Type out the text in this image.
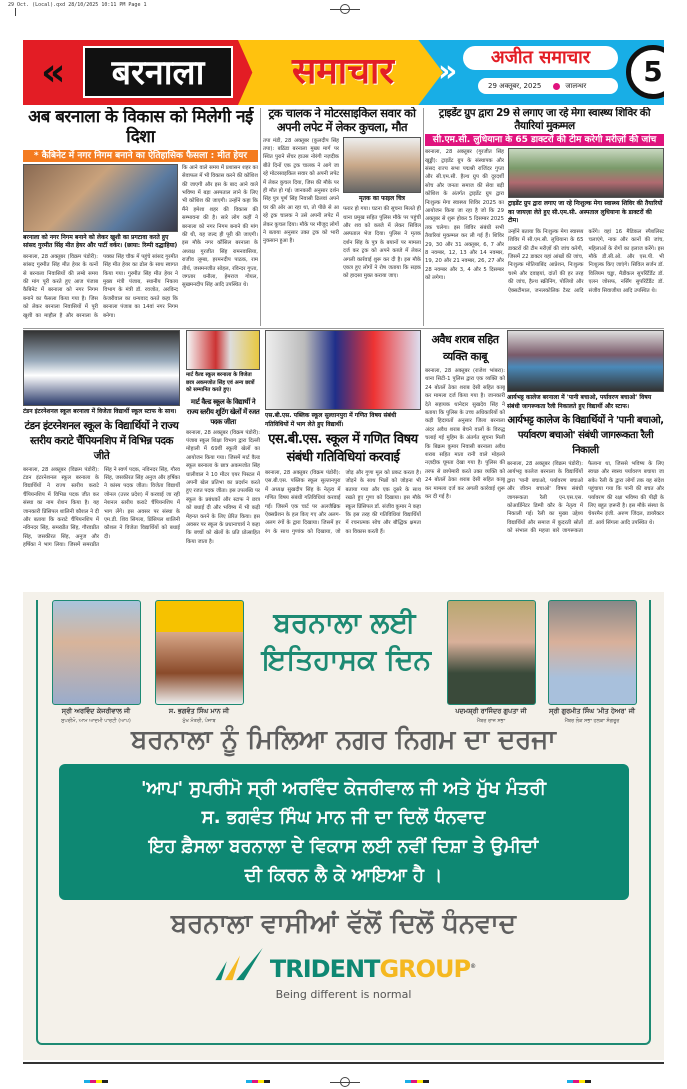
29 Oct. (Local).qxd 28/10/2025 10:11 PM Page 1
«	बरनाला	समाचार	»	अजीत समाचार
29 अक्तूबर, 2025	जालन्धर	5
अब बरनाला के विकास को मिलेगी नई दिशा
* कैबिनेट में नगर निगम बनाने का ऐतिहासिक फैसला : मीत हेयर
बरनाला को नगर निगम बनाने को लेकर खुशी का प्रगटावा करते हुए सांसद गुरमीत सिंह मीत हेयर और पार्टी वर्कर। (छाया: रिम्पी दद्धाहिया)
बरनाला, 28 अक्तूबर (विक्रम पंडोरी): सांसद गुरमीत सिंह मीत हेयर के यत्नों से बरनाला निवासियों की लम्बे समय की मांग पूरी करते हुए आज पंजाब कैबिनेट में बरनाला को नगर निगम बनाने का फैसला किया गया है। जिस को लेकर बरनाला निवासियों में पूरी खुशी का माहौल है और बरनाला के पक्का सिंह चौक में पहुंचे सांसद गुरमीत सिंह मीत हेयर का ढोल के साथ स्वागत किया गया। गुरमीत सिंह मीत हेयर ने मुख्य मंत्री पंजाब, स्थानीय निकाय विभाग के मंत्री डॉ. रवजोत, अरविन्द केजरीवाल का धन्यवाद करते कहा कि बरनाला पंजाब का 14वां नगर निगम बनेगा।
कि आने वाले समय में प्रशासन शहर का सेवाफल में भी विकास करने की कोशिश की जाएगी और इस के बाद आने वाले भविष्य में बड़ा अस्पताल लाने के लिए भी कोशिश की जाएगी। उन्होंने कहा कि मैंने हमेशा शहर की विकास की सम्भावना की है। सारे लोग कहीं ने बरनाला को नगर निगम बनाने की मांग की थी, यह जल्द ही पूरी की जाएगी। इस मौके नगर कौंसिल बरनाला के अध्यक्ष गुरजीत सिंह रामनवासिया, राजीव लूम्बा, हरमनदीप पाठक, राम तीर्थ, जसमनजीत सोहल, रविन्दर गुप्ता, जगतार धनौला, हेमराज गोयल, सुखमनदीप सिंह आदि उपस्थित थे।
ट्रक चालक ने मोटरसाइकिल सवार को अपनी लपेट में लेकर कुचला, मौत
तपा मंडी, 28 अक्तूबर (कुलदीप सिंह तपा): बठिंडा बरनाला मुख्य मार्ग पर स्थित पुराने सेंचर हाउस नोरंगी नज़दीक बीते दिनों एक ट्रक चालक ने आगे जा रहे मोटरसाइकिल सवार को अपनी लपेट में लेकर कुचल दिया, जिस की मौके पर ही मौत हो गई। जानकारी अनुसार दर्शन सिंह पुत्र पूर्ण सिंह निवासी ढिलवां अपने घर की ओर आ रहा था, तो पीछे से आ रहे ट्रक चालक ने उसे अपनी लपेट में लेकर कुचल दिया। मौके पर मौजूद लोगों ने बताया अनुसार उक्त ट्रक को भारी नुकसान हुआ है।
मृतक का फाइल चित्र
फरार हो गया। घटना की सूचना मिलते ही थाना प्रमुख सहित पुलिस मौके पर पहुंची और शव को कब्जे में लेकर सिविल अस्पताल भेज दिया। पुलिस ने मृतक दर्शन सिंह के पुत्र के बयानों पर मामला दर्ज कर ट्रक को अपने कब्जे में लेकर अगली कार्रवाई शुरू कर दी है। इस मौके एकत्र हुए लोगों ने रोष जताया कि सड़क को हादसा मुक्त कराया जाए।
ट्राइडेंट ग्रुप द्वारा 29 से लगाए जा रहे मेगा स्वास्थ्य शिविर की तैयारियां मुकम्मल
सी.एम.सी. लुधियाना के 65 डाक्टरों की टीम करेगी मरीज़ों की जांच
बरनाला, 28 अक्तूबर (गुरजीत सिंह खुड्डी): ट्राइडेंट ग्रुप के संस्थापक और संसद राज्य सभा पद्मश्री राजिंदर गुप्ता और सी.एम.सी. हैल्थ ग्रुप की दूरदर्शी सोच और जनता समाज की सेवा बड़ी कोशिश के अंतर्गत ट्राइडेंट ग्रुप द्वारा निःशुल्क मेगा स्वास्थ्य शिविर 2025 का आयोजन किया जा रहा है जो कि 29 अक्तूबर से शुरू होकर 5 दिसम्बर 2025 तक चलेगा। इस शिविर संबंधी सभी तैयारियां मुकम्मल कर ली गई हैं। शिविर 29, 30 और 31 अक्तूबर, 6, 7 और 8 नवम्बर, 12, 13 और 14 नवम्बर, 19, 20 और 21 नवम्बर, 26, 27 और 28 नवम्बर और 3, 4 और 5 दिसम्बर को लगेगा।
ट्राइडेंट ग्रुप द्वारा लगाए जा रहे निःशुल्क मेगा स्वास्थ्य शिविर की तैयारियों का जायज़ा लेते हुए सी.एम.सी. अस्पताल लुधियाना के डाक्टरों की टीम।
उन्होंने बताया कि निःशुल्क मेगा स्वास्थ्य शिविर में सी.एम.सी. लुधियाना के 65 डाक्टरों की टीम मरीज़ों की जांच करेगी, जिसमें 22 डाक्टर यहां आंखों की जांच, निःशुल्क मोतियाबिंद आप्रेशन, निःशुल्क चश्मे और दवाइयां, दांतों की हर तरह की जांच, हैल्थ स्क्रीनिंग, पोलियो और ऐक्सटीमाल, जनलकोलिक टैस्ट आदि करेंगे। वहां 16 मैडिकल स्पैशलिस्ट चलाएंगे, नाक और कानों की जांच, महिलाओं के रोगों का इलाज करेंगे। इस मौके डी.सी.ओ. और एस.पी. भी निःशुल्क किए जाएंगे। सिविल सर्जन डॉ. विलियम चड्ढा, मैडीकल सुपरिंटैंडैंट डॉ. एलन जोसफ, नर्सिंग सुपरिंटैंडैंट डॉ. संजीव सिवाजीया आदि उपस्थित थे।
टंडन इंटरनेशनल स्कूल बरनाला में विजेता विद्यार्थी स्कूल स्टाफ के साथ।
टंडन इंटरनेशनल स्कूल के विद्यार्थियों ने राज्य स्तरीय कराटे चैंपियनशिप में विभिन्न पदक जीते
बरनाला, 28 अक्तूबर (विक्रम पंडोरी): टंडन इंटरनेशनल स्कूल बरनाला के विद्यार्थियों ने राज्य स्तरीय कराटे चैंपियनशिप में विभिन्न पदक जीत कर संस्था का नाम रोशन किया है। यह जानकारी प्रिंसिपल शालिनी कौशल ने दी और बताया कि कराटे चैंपियनशिप में नविनदर सिंह, समरप्रीत सिंह, गौरवप्रीत सिंह, जसकीरत सिंह, अनुज और हर्षिका ने भाग लिया। जिसमें समरप्रीत सिंह ने स्वर्ण पदक, नविनदर सिंह, गौरव सिंह, जसकीरत सिंह अनुज और हर्षिका ने कांस्य पदक जीता। विजेता विद्यार्थी जोनल (उत्तर प्रदेश) में करवाई जा रही नेशनल स्तरीय कराटे चैंपियनशिप में भाग लेंगे। इस अवसर पर संस्था के एम.डी. शिव सिंगला, प्रिंसिपल शालिनी कौशल ने विजेता विद्यार्थियों को बधाई दी।
मार्ट वैल्ड स्कूल बरनाला के विजेता छात्र अकमजोत सिंह एवं अन्य छात्रों को सम्मानित करते हुए।
मार्ट वैल्ड स्कूल के विद्यार्थी ने राज्य स्तरीय शूटिंग खेलों में रजत पदक जीता
बरनाला, 28 अक्तूबर (विक्रम पंडोरी): पंजाब स्कूल शिक्षा विभाग द्वारा दिल्ली मोहाली में 69वीं स्कूली खेलों का आयोजन किया गया। जिसमें मार्ट वैल्ड स्कूल बरनाला के छात्र अकमजोत सिंह धालीवाल ने 10 मीटर एयर पिस्टल में अपनी खेल प्रतिभा का प्रदर्शन करते हुए रजत पदक जीता। इस उपलब्धि पर स्कूल के प्रबंधकों और स्टाफ ने छात्र को बधाई दी और भविष्य में भी कड़ी मेहनत करने के लिए प्रेरित किया। इस अवसर पर स्कूल के प्रधानाचार्य ने कहा कि बच्चों को खेलों के प्रति प्रोत्साहित किया जाता है।
एस.बी.एस. पब्लिक स्कूल सुल्तानपुरा में गणित विषय संबंधी गतिविधियों में भाग लेते हुए विद्यार्थी।
एस.बी.एस. स्कूल में गणित विषय संबंधी गतिविधियां करवाई
बरनाला, 28 अक्तूबर (विक्रम पंडोरी): एस.बी.एस. पब्लिक स्कूल सुल्तानपुरा में अध्यक्ष सुखदीप सिंह के नेतृत्व में गणित विषय संबंधी गतिविधियां करवाई गईं। जिसमें एक चार्ट पर अलजैब्रिक ऐक्सप्रैशन के हल किए गए और अलग-अलग रंगों के द्वारा दिखाया। जिसमें हर रंग के साथ गुणांक को दिखाया, जो जोड़ और गुणा मूल को प्रकट करता है। जोड़ने के साथ भिन्नों को जोड़ना भी बताया गया और एक दूसरे के साथ रखते हुए गुणा को दिखाया। इस मौके स्कूल प्रिंसिपल डॉ. संजीव कुमार ने कहा कि इस तरह की गतिविधियां विद्यार्थियों में रचनात्मक सोच और बौद्धिक क्षमता का विकास करती हैं।
अवैध शराब सहित व्यक्ति काबू
बरनाला, 28 अक्तूबर (राजेश भांबरा): थाना सिटी-1 पुलिस द्वारा एक व्यक्ति को 24 बोतलें ठेका शराब देसी सहित काबू कर मामला दर्ज किया गया है। जानकारी देते सहायक थानेदार सुखदेव सिंह ने बताया कि पुलिस के उच्च अधिकारियों को कड़ी हिदायतों अनुसार जिला बरनाला अंदर अवैध शराब बेचने वालों के विरुद्ध चलाई गई मुहिम के अंतर्गत सूचना मिली कि बिक्रम कुमार निवासी बरनाला अवैध शराब सहित माता रानी वाले मोहल्ले नज़दीक घूमता देखा गया है। पुलिस की तरफ से छापेमारी करते उक्त व्यक्ति को 24 बोतलें ठेका शराब देसी सहित काबू कर मामला दर्ज कर अगली कार्रवाई शुरू कर दी गई है।
आर्यभट्ट कालेज बरनाला में 'पानी बचाओ, पर्यावरण बचाओ' विषय संबंधी जागरूकता रैली निकालते हुए विद्यार्थी और स्टाफ।
आर्यभट्ट कालेज के विद्यार्थियों ने 'पानी बचाओ, पर्यावरण बचाओ' संबंधी जागरूकता रैली निकाली
बरनाला, 28 अक्तूबर (विक्रम पंडोरी): आर्यभट्ट कालेज बरनाला के विद्यार्थियों द्वारा 'पानी बचाओ, पर्यावरण बचाओ और जीवन बचाओ' विषय संबंधी जागरूकता रैली एन.एस.एस. कोआर्डिनेटर डिम्पी कौर के नेतृत्व में निकाली गई। रैली का मुख्य उद्देश्य विद्यार्थियों और समाज में कुदरती स्रोतों को संभाल की महत्ता बारे जागरूकता फैलाना था, जिससे भविष्य के लिए स्वच्छ और स्वस्थ पर्यावरण बचाया जा सके। रैली के द्वारा लोगों तक यह संदेश पहुंचाया गया कि पानी की बचत और पर्यावरण की रक्षा भविष्य की पीढ़ी के लिए बहुत ज़रूरी है। इस मौके संस्था के चेयरमैन इंजी. अरुण जिंदल, डायरैक्टर डॉ. आर्य सिंगला आदि उपस्थित थे।
ਸ੍ਰੀ ਅਰਵਿੰਦ ਕੇਜਰੀਵਾਲ ਜੀ
ਸੁਪਰੀਮੋ, ਆਮ ਆਦਮੀ ਪਾਰਟੀ (ਆਪ)
ਸ. ਭਗਵੰਤ ਸਿੰਘ ਮਾਨ ਜੀ
ਮੁੱਖ ਮੰਤਰੀ, ਪੰਜਾਬ
ਪਦਮਸ਼੍ਰੀ ਰਾਜਿੰਦਰ ਗੁਪਤਾ ਜੀ
ਮੈਂਬਰ ਰਾਜ ਸਭਾ
ਸ੍ਰੀ ਗੁਰਮੀਤ ਸਿੰਘ 'ਮੀਤ ਹੇਅਰ' ਜੀ
ਮੈਂਬਰ ਲੋਕ ਸਭਾ ਹਲਕਾ ਸੰਗਰੂਰ
ਬਰਨਾਲਾ ਲਈ
ਇਤਿਹਾਸਕ ਦਿਨ
ਬਰਨਾਲਾ ਨੂੰ ਮਿਲਿਆ ਨਗਰ ਨਿਗਮ ਦਾ ਦਰਜਾ
'ਆਪ' ਸੁਪਰੀਮੋ ਸ੍ਰੀ ਅਰਵਿੰਦ ਕੇਜਰੀਵਾਲ ਜੀ ਅਤੇ ਮੁੱਖ ਮੰਤਰੀ
ਸ. ਭਗਵੰਤ ਸਿੰਘ ਮਾਨ ਜੀ ਦਾ ਦਿਲੋਂ ਧੰਨਵਾਦ
ਇਹ ਫ਼ੈਸਲਾ ਬਰਨਾਲਾ ਦੇ ਵਿਕਾਸ ਲਈ ਨਵੀਂ ਦਿਸ਼ਾ ਤੇ ਉਮੀਦਾਂ
ਦੀ ਕਿਰਨ ਲੈ ਕੇ ਆਇਆ ਹੈ ।
ਬਰਨਾਲਾ ਵਾਸੀਆਂ ਵੱਲੋਂ ਦਿਲੋਂ ਧੰਨਵਾਦ
TRIDENTGROUP®
Being different is normal
